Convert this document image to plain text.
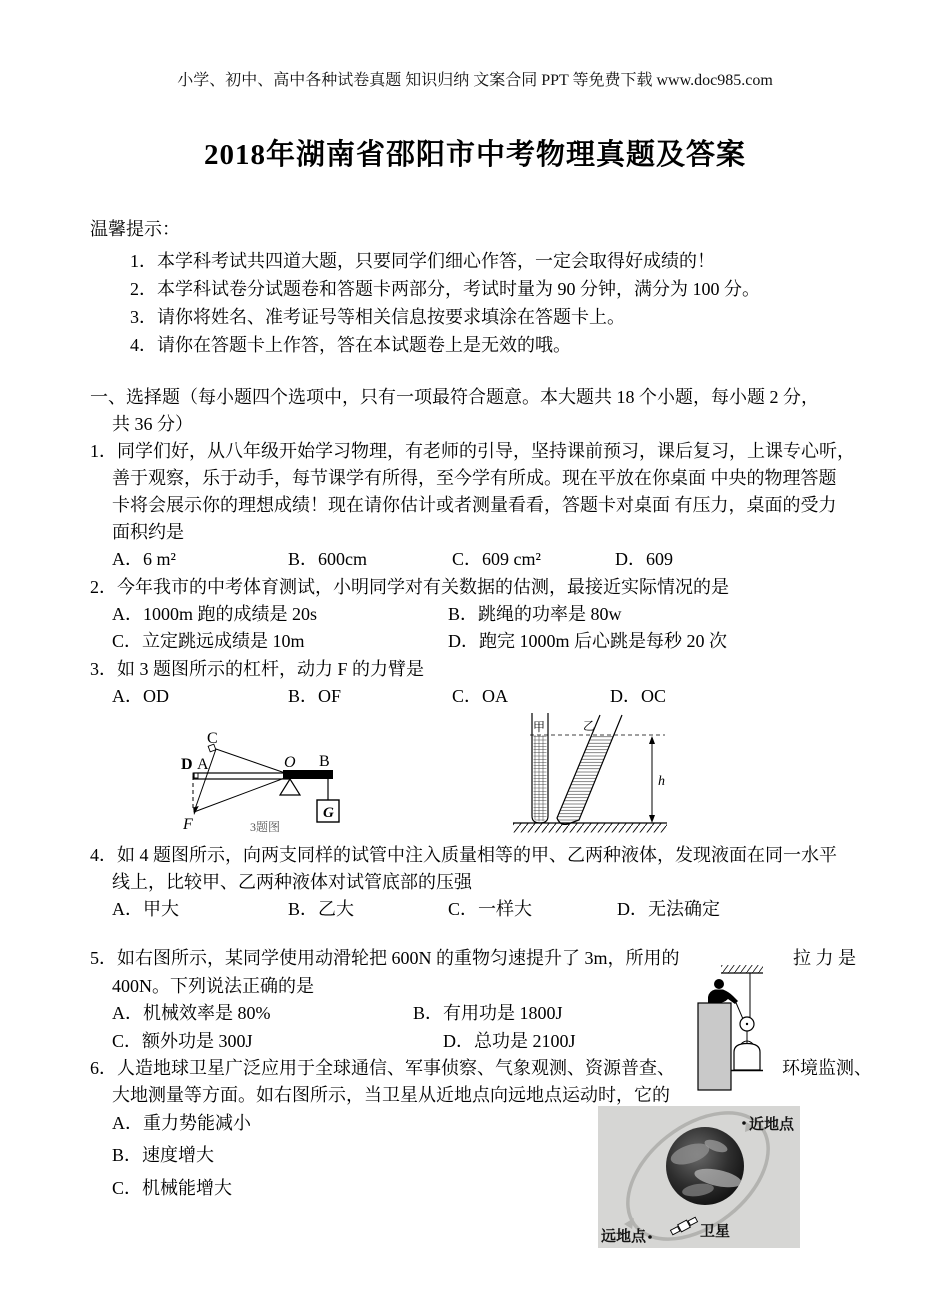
小学、初中、高中各种试卷真题 知识归纳 文案合同 PPT 等免费下载 www.doc985.com
2018年湖南省邵阳市中考物理真题及答案
温馨提示：
1．本学科考试共四道大题，只要同学们细心作答，一定会取得好成绩的！
2．本学科试卷分试题卷和答题卡两部分，考试时量为 90 分钟，满分为 100 分。
3．请你将姓名、准考证号等相关信息按要求填涂在答题卡上。
4．请你在答题卡上作答，答在本试题卷上是无效的哦。
一、选择题（每小题四个选项中，只有一项最符合题意。本大题共 18 个小题，每小题 2 分，
共 36 分）
1．同学们好，从八年级开始学习物理，有老师的引导，坚持课前预习，课后复习，上课专心听，
善于观察，乐于动手，每节课学有所得，至今学有所成。现在平放在你桌面 中央的物理答题
卡将会展示你的理想成绩！现在请你估计或者测量看看，答题卡对桌面 有压力，桌面的受力
面积约是
A．6 m²	B．600cm	C．609 cm²	D．609
2．今年我市的中考体育测试，小明同学对有关数据的估测，最接近实际情况的是
A．1000m 跑的成绩是 20s	B．跳绳的功率是 80w
C．立定跳远成绩是 10m	D．跑完 1000m 后心跳是每秒 20 次
3．如 3 题图所示的杠杆，动力 F 的力臂是
A．OD	B．OF	C．OA	D．OC
G
C
D A	O B
F	3题图
甲	乙
h
4．如 4 题图所示，向两支同样的试管中注入质量相等的甲、乙两种液体，发现液面在同一水平
线上，比较甲、乙两种液体对试管底部的压强
A．甲大	B．乙大	C．一样大	D．无法确定
5．如右图所示，某同学使用动滑轮把 600N 的重物匀速提升了 3m，所用的	拉 力 是
400N。下列说法正确的是
A．机械效率是 80%	B．有用功是 1800J
C．额外功是 300J	D．总功是 2100J
6．人造地球卫星广泛应用于全球通信、军事侦察、气象观测、资源普查、	环境监测、
大地测量等方面。如右图所示，当卫星从近地点向远地点运动时，它的
A．重力势能减小
B．速度增大
C．机械能增大
近地点
远地点	卫星
